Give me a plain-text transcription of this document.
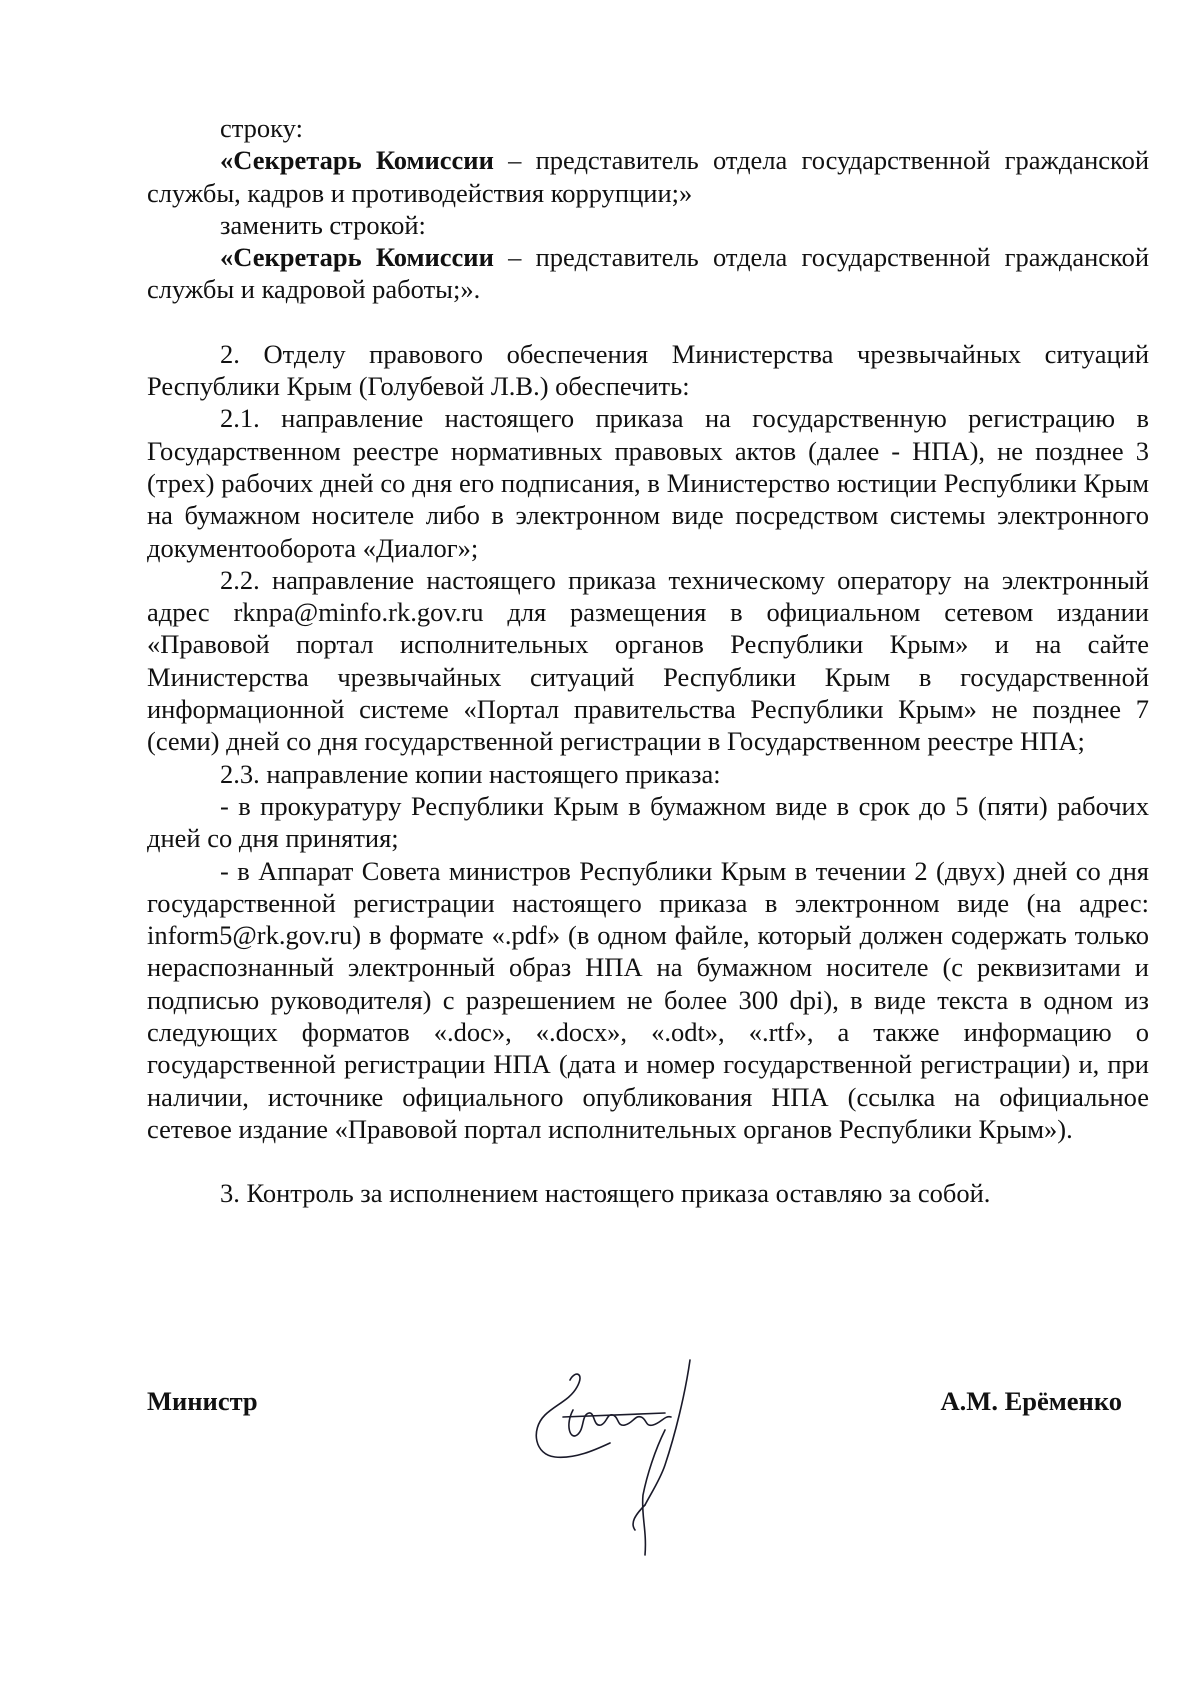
строку:

«Секретарь Комиссии – представитель отдела государственной гражданской службы, кадров и противодействия коррупции;»

заменить строкой:

«Секретарь Комиссии – представитель отдела государственной гражданской службы и кадровой работы;».

2. Отделу правового обеспечения Министерства чрезвычайных ситуаций Республики Крым (Голубевой Л.В.) обеспечить:

2.1. направление настоящего приказа на государственную регистрацию в Государственном реестре нормативных правовых актов (далее - НПА), не позднее 3 (трех) рабочих дней со дня его подписания, в Министерство юстиции Республики Крым на бумажном носителе либо в электронном виде посредством системы электронного документооборота «Диалог»;

2.2. направление настоящего приказа техническому оператору на электронный адрес rknpa@minfo.rk.gov.ru для размещения в официальном сетевом издании «Правовой портал исполнительных органов Республики Крым» и на сайте Министерства чрезвычайных ситуаций Республики Крым в государственной информационной системе «Портал правительства Республики Крым» не позднее 7 (семи) дней со дня государственной регистрации в Государственном реестре НПА;

2.3. направление копии настоящего приказа:

- в прокуратуру Республики Крым в бумажном виде в срок до 5 (пяти) рабочих дней со дня принятия;

- в Аппарат Совета министров Республики Крым в течении 2 (двух) дней со дня государственной регистрации настоящего приказа в электронном виде (на адрес: inform5@rk.gov.ru) в формате «.pdf» (в одном файле, который должен содержать только нераспознанный электронный образ НПА на бумажном носителе (с реквизитами и подписью руководителя) с разрешением не более 300 dpi), в виде текста в одном из следующих форматов «.doc», «.docx», «.odt», «.rtf», а также информацию о государственной регистрации НПА (дата и номер государственной регистрации) и, при наличии, источнике официального опубликования НПА (ссылка на официальное сетевое издание «Правовой портал исполнительных органов Республики Крым»).

3. Контроль за исполнением настоящего приказа оставляю за собой.

Министр	А.М. Ерёменко
